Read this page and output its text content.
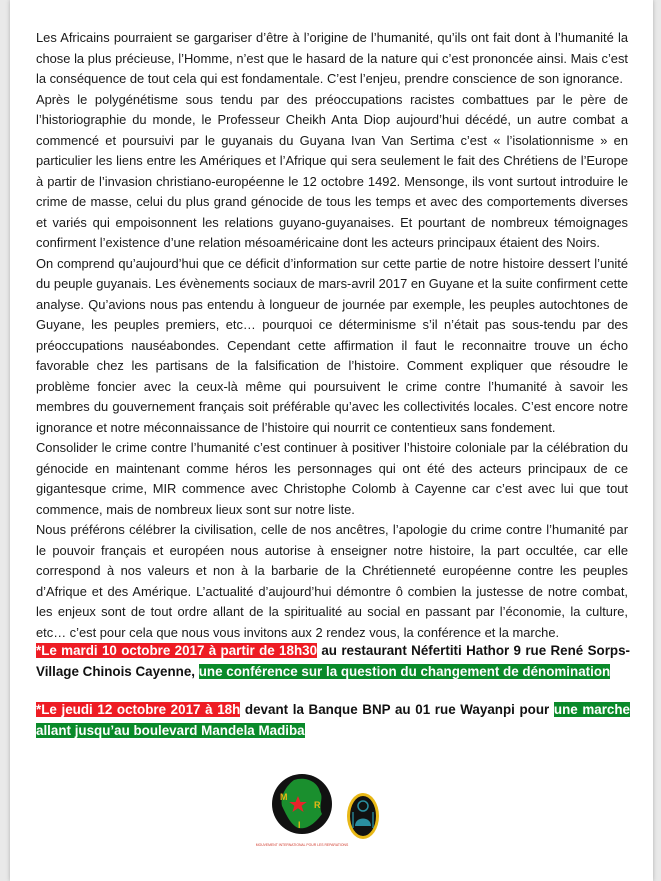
Les Africains pourraient se gargariser d’être à l’origine de l’humanité, qu’ils ont fait dont à l’humanité la chose la plus précieuse, l’Homme, n’est que le hasard de la nature qui c’est prononcée ainsi. Mais c’est la conséquence de tout cela qui est fondamentale. C’est l’enjeu, prendre conscience de son ignorance.

Après le polygénétisme sous tendu par des préoccupations racistes combattues par le père de l’historiographie du monde, le Professeur Cheikh Anta Diop aujourd’hui décédé, un autre combat a commencé et poursuivi par le guyanais du Guyana Ivan Van Sertima c’est « l’isolationnisme » en particulier les liens entre les Amériques et l’Afrique qui sera seulement le fait des Chrétiens de l’Europe à partir de l’invasion christiano-européenne le 12 octobre 1492. Mensonge, ils vont surtout introduire le crime de masse, celui du plus grand génocide de tous les temps et avec des comportements diverses et variés qui empoisonnent les relations guyano-guyanaises. Et pourtant de nombreux témoignages confirment l’existence d’une relation mésoaméricaine dont les acteurs principaux étaient des Noirs.

On comprend qu’aujourd’hui que ce déficit d’information sur cette partie de notre histoire dessert l’unité du peuple guyanais. Les évènements sociaux de mars-avril 2017 en Guyane et la suite confirment cette analyse. Qu’avions nous pas entendu à longueur de journée par exemple, les peuples autochtones de Guyane, les peuples premiers, etc… pourquoi ce déterminisme s’il n’était pas sous-tendu par des préoccupations nauséabondes. Cependant cette affirmation il faut le reconnaitre trouve un écho favorable chez les partisans de la falsification de l’histoire. Comment expliquer que résoudre le problème foncier avec la ceux-là même qui poursuivent le crime contre l’humanité à savoir les membres du gouvernement français soit préférable qu’avec les collectivités locales. C’est encore notre ignorance et notre méconnaissance de l’histoire qui nourrit ce contentieux sans fondement.

Consolider le crime contre l’humanité c’est continuer à positiver l’histoire coloniale par la célébration du génocide en maintenant comme héros les personnages qui ont été des acteurs principaux de ce gigantesque crime, MIR commence avec Christophe Colomb à Cayenne car c’est avec lui que tout commence, mais de nombreux lieux sont sur notre liste.

Nous préférons célébrer la civilisation, celle de nos ancêtres, l’apologie du crime contre l’humanité par le pouvoir français et européen nous autorise à enseigner notre histoire, la part occultée, car elle correspond à nos valeurs et non à la barbarie de la Chrétienneté européenne contre les peuples d’Afrique et des Amérique. L’actualité d’aujourd’hui démontre ô combien la justesse de notre combat, les enjeux sont de tout ordre allant de la spiritualité au social en passant par l’économie, la culture, etc… c’est pour cela que nous vous invitons aux 2 rendez vous, la conférence et la marche.

*Le mardi 10 octobre 2017 à partir de 18h30 au restaurant Néfertiti Hathor 9 rue René Sorps- Village Chinois Cayenne, une conférence sur la question du changement de dénomination

*Le jeudi 12 octobre 2017 à 18h devant la Banque BNP au 01 rue Wayanpi pour une marche allant jusqu’au boulevard Mandela Madiba

M
R
I
MOUVEMENT INTERNATIONAL POUR LES REPARATIONS
